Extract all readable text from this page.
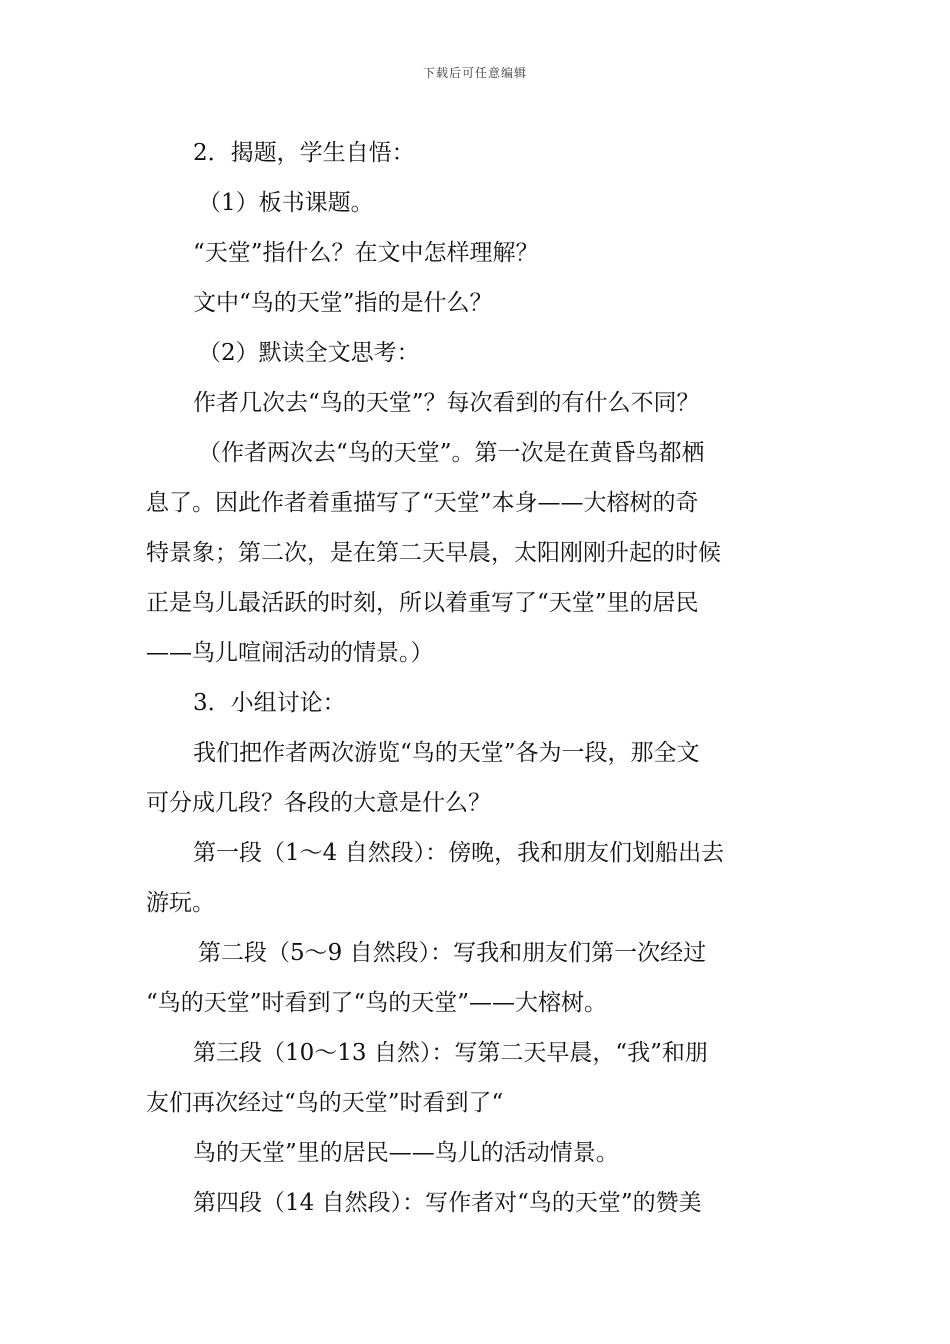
下载后可任意编辑
2．揭题，学生自悟：
（1）板书课题。
“天堂”指什么？在文中怎样理解？
文中“鸟的天堂”指的是什么？
（2）默读全文思考：
作者几次去“鸟的天堂”？每次看到的有什么不同？
（作者两次去“鸟的天堂”。第一次是在黄昏鸟都栖
息了。因此作者着重描写了“天堂”本身——大榕树的奇
特景象；第二次，是在第二天早晨，太阳刚刚升起的时候
正是鸟儿最活跃的时刻，所以着重写了“天堂”里的居民
——鸟儿喧闹活动的情景。）
3．小组讨论：
我们把作者两次游览“鸟的天堂”各为一段，那全文
可分成几段？各段的大意是什么？
第一段（1～4 自然段）：傍晚，我和朋友们划船出去
游玩。
第二段（5～9 自然段）：写我和朋友们第一次经过
“鸟的天堂”时看到了“鸟的天堂”——大榕树。
第三段（10～13 自然）：写第二天早晨，“我”和朋
友们再次经过“鸟的天堂”时看到了“
鸟的天堂”里的居民——鸟儿的活动情景。
第四段（14 自然段）：写作者对“鸟的天堂”的赞美
